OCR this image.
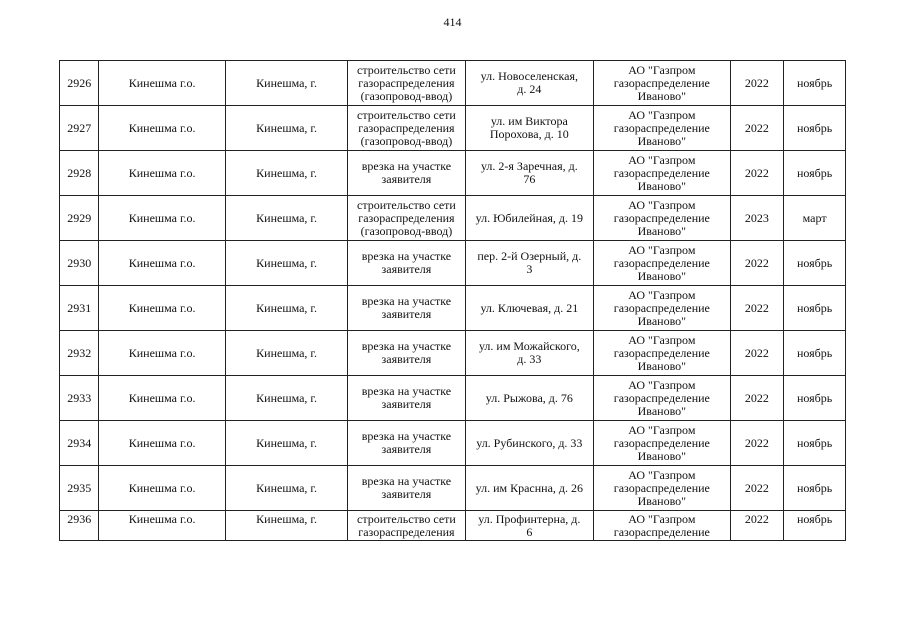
414
2926	Кинешма г.о.	Кинешма, г.	строительство сети
газораспределения
(газопровод-ввод)	ул. Новоселенская,
д. 24	АО "Газпром
газораспределение
Иваново"	2022	ноябрь
2927	Кинешма г.о.	Кинешма, г.	строительство сети
газораспределения
(газопровод-ввод)	ул. им Виктора
Порохова, д. 10	АО "Газпром
газораспределение
Иваново"	2022	ноябрь
2928	Кинешма г.о.	Кинешма, г.	врезка на участке
заявителя	ул. 2-я Заречная, д.
76	АО "Газпром
газораспределение
Иваново"	2022	ноябрь
2929	Кинешма г.о.	Кинешма, г.	строительство сети
газораспределения
(газопровод-ввод)	ул. Юбилейная, д. 19	АО "Газпром
газораспределение
Иваново"	2023	март
2930	Кинешма г.о.	Кинешма, г.	врезка на участке
заявителя	пер. 2-й Озерный, д.
3	АО "Газпром
газораспределение
Иваново"	2022	ноябрь
2931	Кинешма г.о.	Кинешма, г.	врезка на участке
заявителя	ул. Ключевая, д. 21	АО "Газпром
газораспределение
Иваново"	2022	ноябрь
2932	Кинешма г.о.	Кинешма, г.	врезка на участке
заявителя	ул. им Можайского,
д. 33	АО "Газпром
газораспределение
Иваново"	2022	ноябрь
2933	Кинешма г.о.	Кинешма, г.	врезка на участке
заявителя	ул. Рыжова, д. 76	АО "Газпром
газораспределение
Иваново"	2022	ноябрь
2934	Кинешма г.о.	Кинешма, г.	врезка на участке
заявителя	ул. Рубинского, д. 33	АО "Газпром
газораспределение
Иваново"	2022	ноябрь
2935	Кинешма г.о.	Кинешма, г.	врезка на участке
заявителя	ул. им Краснна, д. 26	АО "Газпром
газораспределение
Иваново"	2022	ноябрь
2936	Кинешма г.о.	Кинешма, г.	строительство сети
газораспределения	ул. Профинтерна, д.
6	АО "Газпром
газораспределение	2022	ноябрь
